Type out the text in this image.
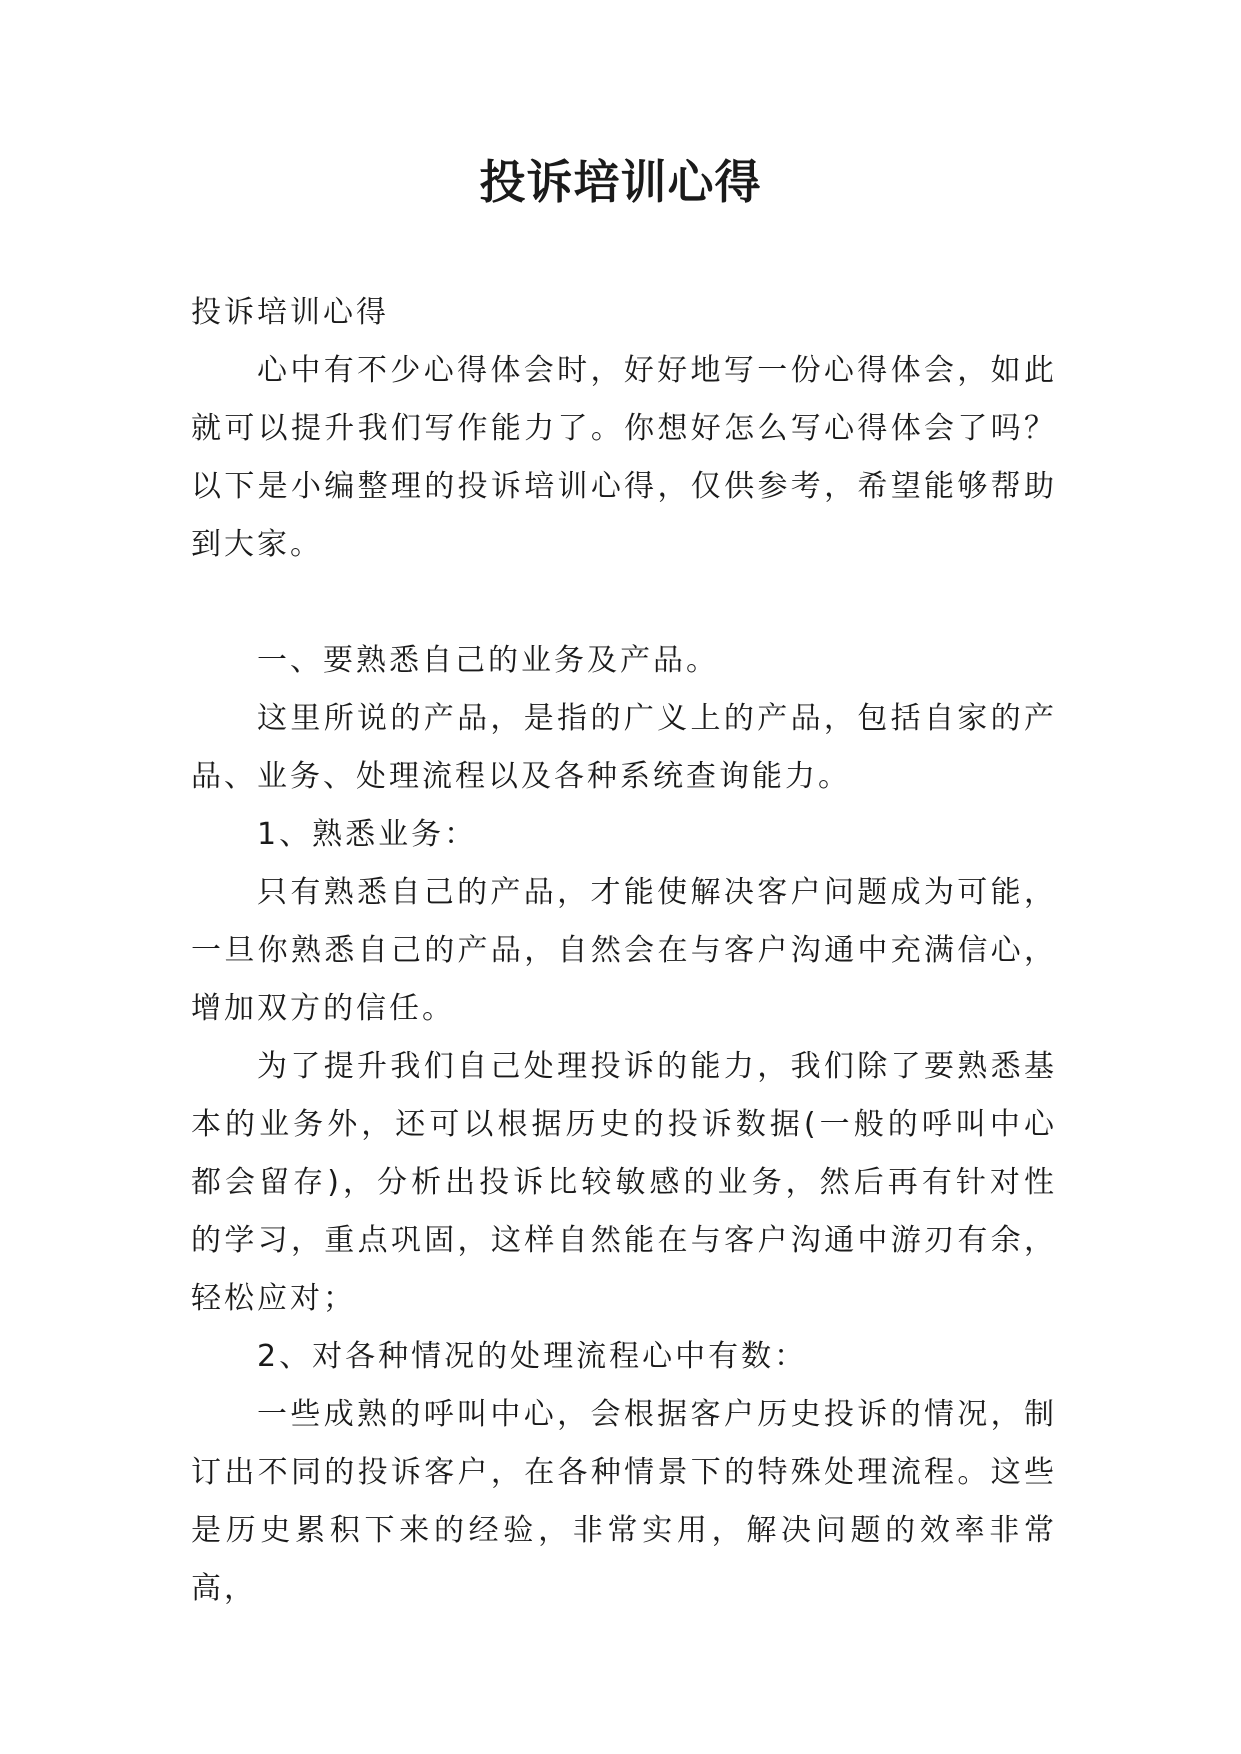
投诉培训心得

投诉培训心得

心中有不少心得体会时，好好地写一份心得体会，如此就可以提升我们写作能力了。你想好怎么写心得体会了吗？以下是小编整理的投诉培训心得，仅供参考，希望能够帮助到大家。

一、要熟悉自己的业务及产品。

这里所说的产品，是指的广义上的产品，包括自家的产品、业务、处理流程以及各种系统查询能力。

1、熟悉业务：

只有熟悉自己的产品，才能使解决客户问题成为可能，一旦你熟悉自己的产品，自然会在与客户沟通中充满信心，增加双方的信任。

为了提升我们自己处理投诉的能力，我们除了要熟悉基本的业务外，还可以根据历史的投诉数据(一般的呼叫中心都会留存)，分析出投诉比较敏感的业务，然后再有针对性的学习，重点巩固，这样自然能在与客户沟通中游刃有余，轻松应对；

2、对各种情况的处理流程心中有数：

一些成熟的呼叫中心，会根据客户历史投诉的情况，制订出不同的投诉客户，在各种情景下的特殊处理流程。这些是历史累积下来的经验，非常实用，解决问题的效率非常高，
